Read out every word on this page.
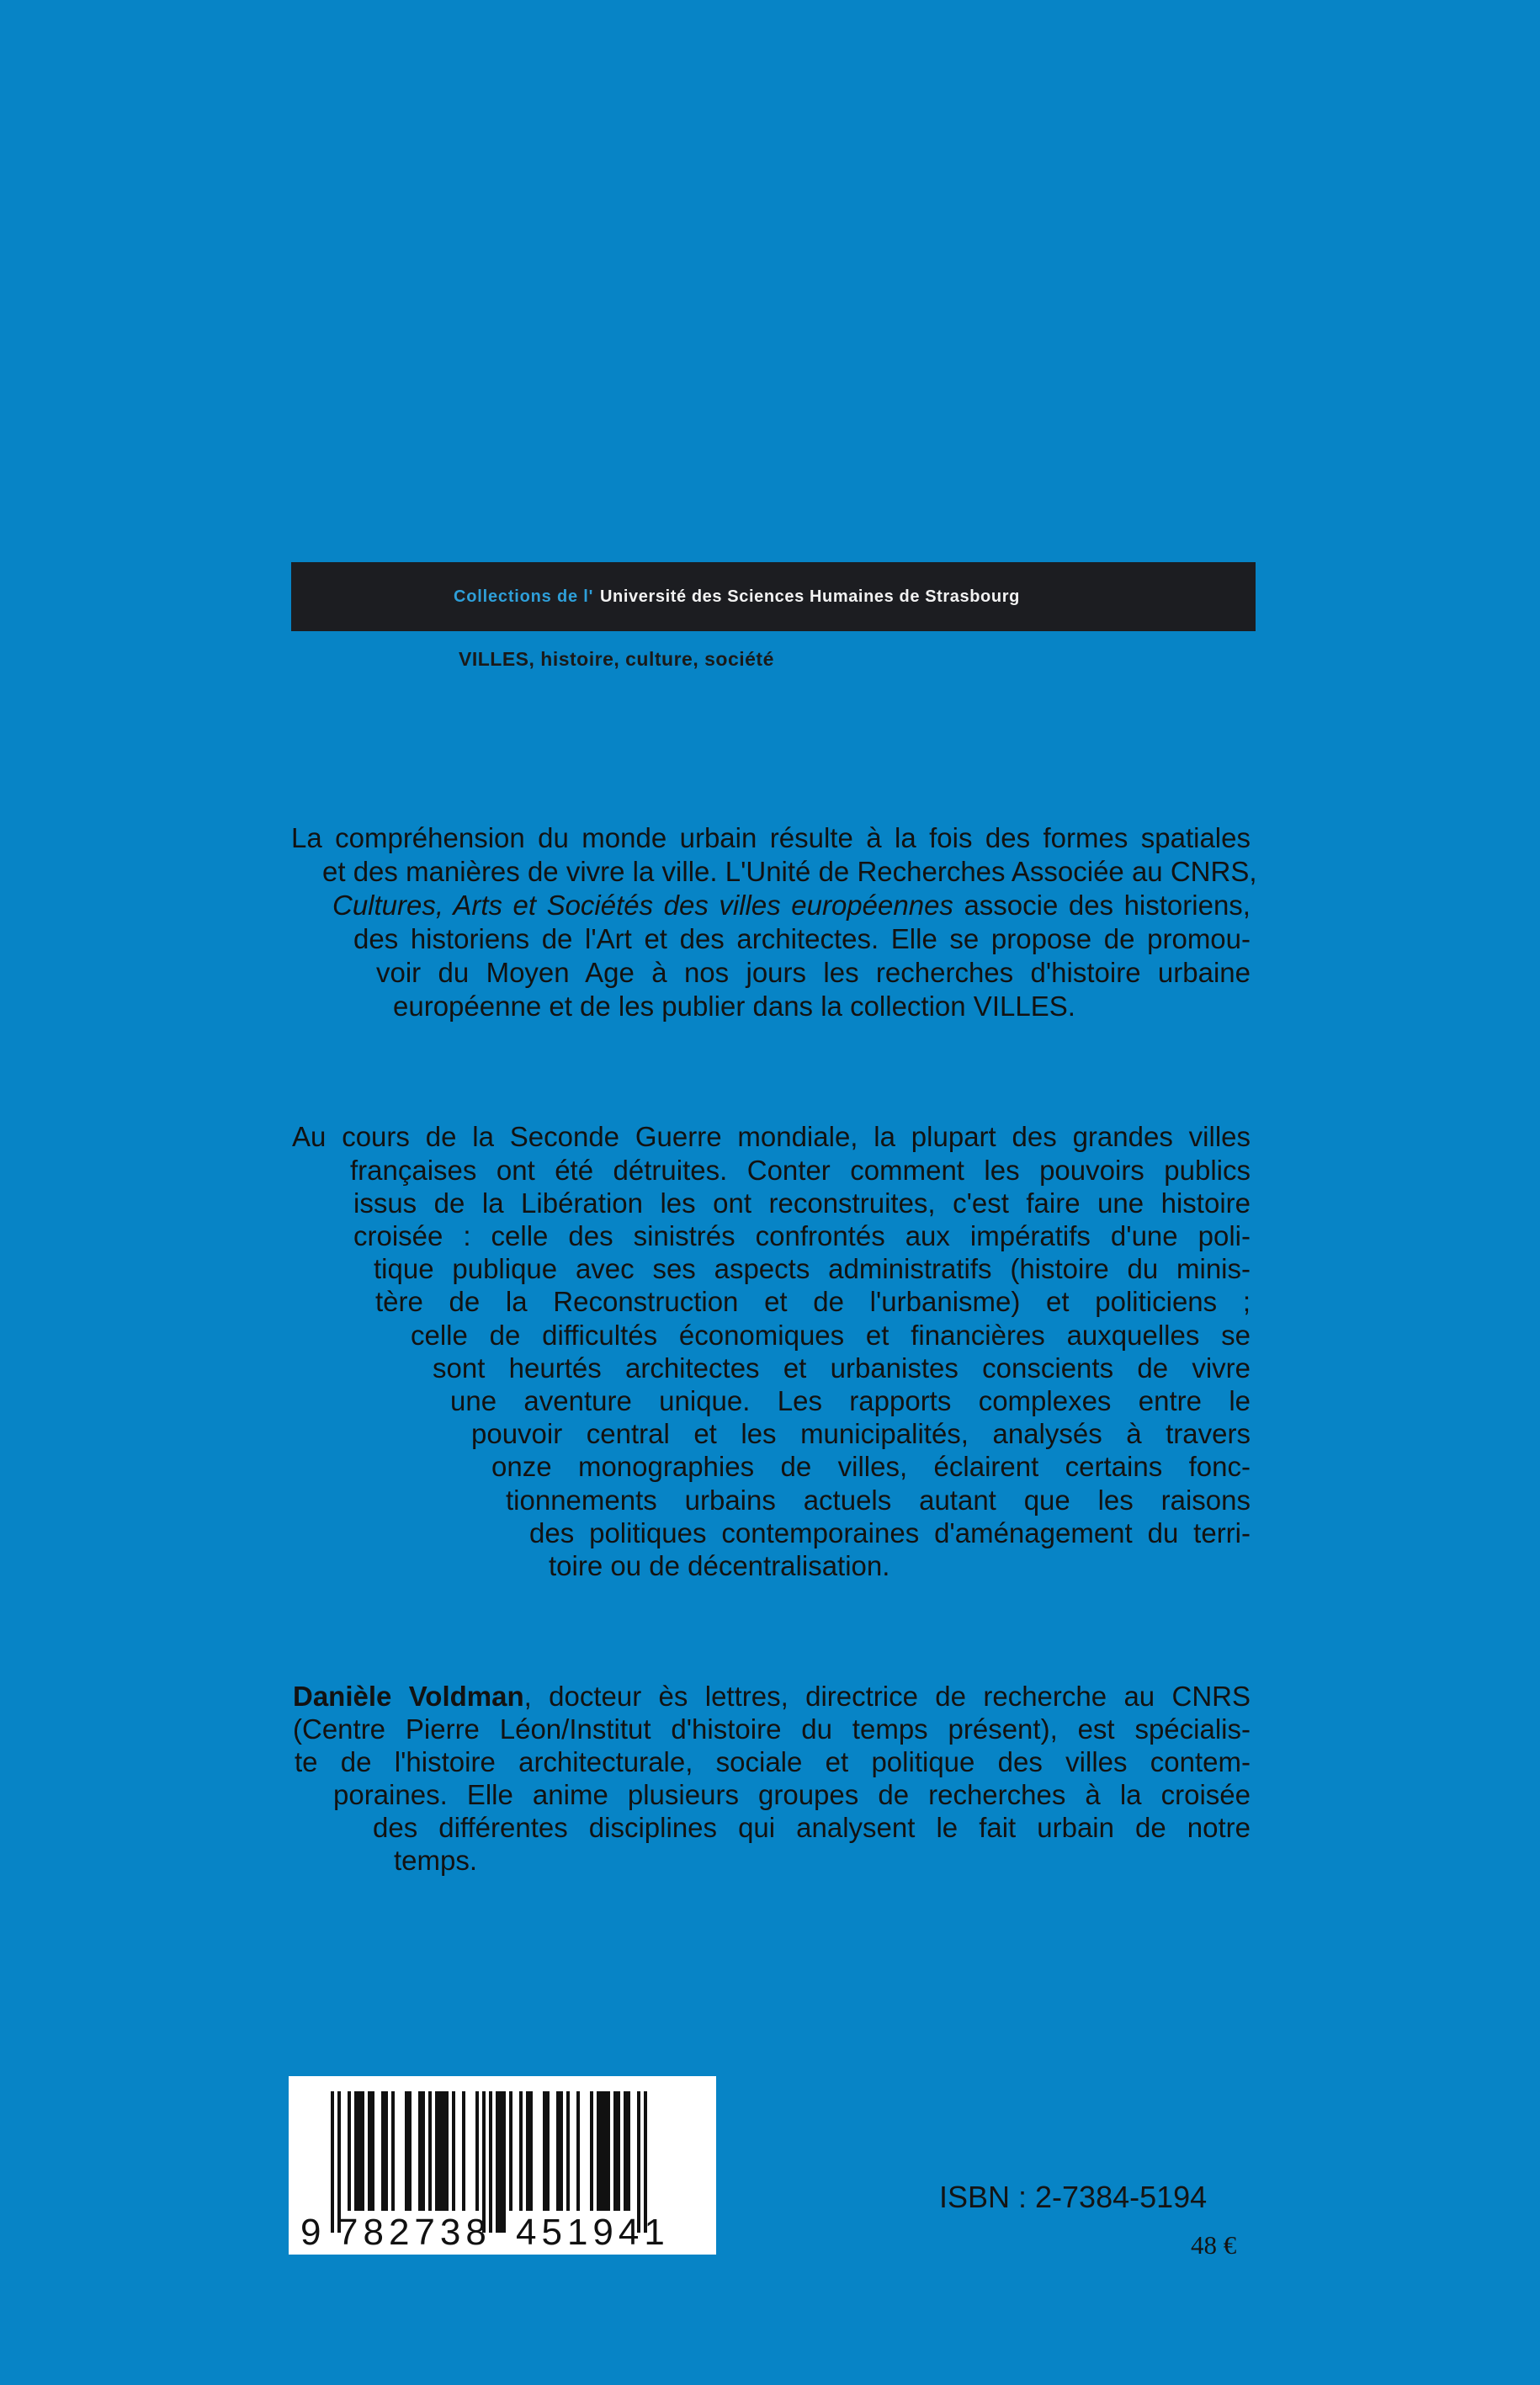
Collections de l' Université des Sciences Humaines de Strasbourg
VILLES, histoire, culture, société
La compréhension du monde urbain résulte à la fois des formes spatiales
et des manières de vivre la ville. L'Unité de Recherches Associée au CNRS,
Cultures, Arts et Sociétés des villes européennes associe des historiens,
des historiens de l'Art et des architectes. Elle se propose de promou-
voir du Moyen Age à nos jours les recherches d'histoire urbaine
européenne et de les publier dans la collection VILLES.
Au cours de la Seconde Guerre mondiale, la plupart des grandes villes
françaises ont été détruites. Conter comment les pouvoirs publics
issus de la Libération les ont reconstruites, c'est faire une histoire
croisée : celle des sinistrés confrontés aux impératifs d'une poli-
tique publique avec ses aspects administratifs (histoire du minis-
tère de la Reconstruction et de l'urbanisme) et politiciens ;
celle de difficultés économiques et financières auxquelles se
sont heurtés architectes et urbanistes conscients de vivre
une aventure unique. Les rapports complexes entre le
pouvoir central et les municipalités, analysés à travers
onze monographies de villes, éclairent certains fonc-
tionnements urbains actuels autant que les raisons
des politiques contemporaines d'aménagement du terri-
toire ou de décentralisation.
Danièle Voldman, docteur ès lettres, directrice de recherche au CNRS
(Centre Pierre Léon/Institut d'histoire du temps présent), est spécialis-
te de l'histoire architecturale, sociale et politique des villes contem-
poraines. Elle anime plusieurs groupes de recherches à la croisée
des différentes disciplines qui analysent le fait urbain de notre
temps.
9 782738 451941
ISBN : 2-7384-5194
48 €
